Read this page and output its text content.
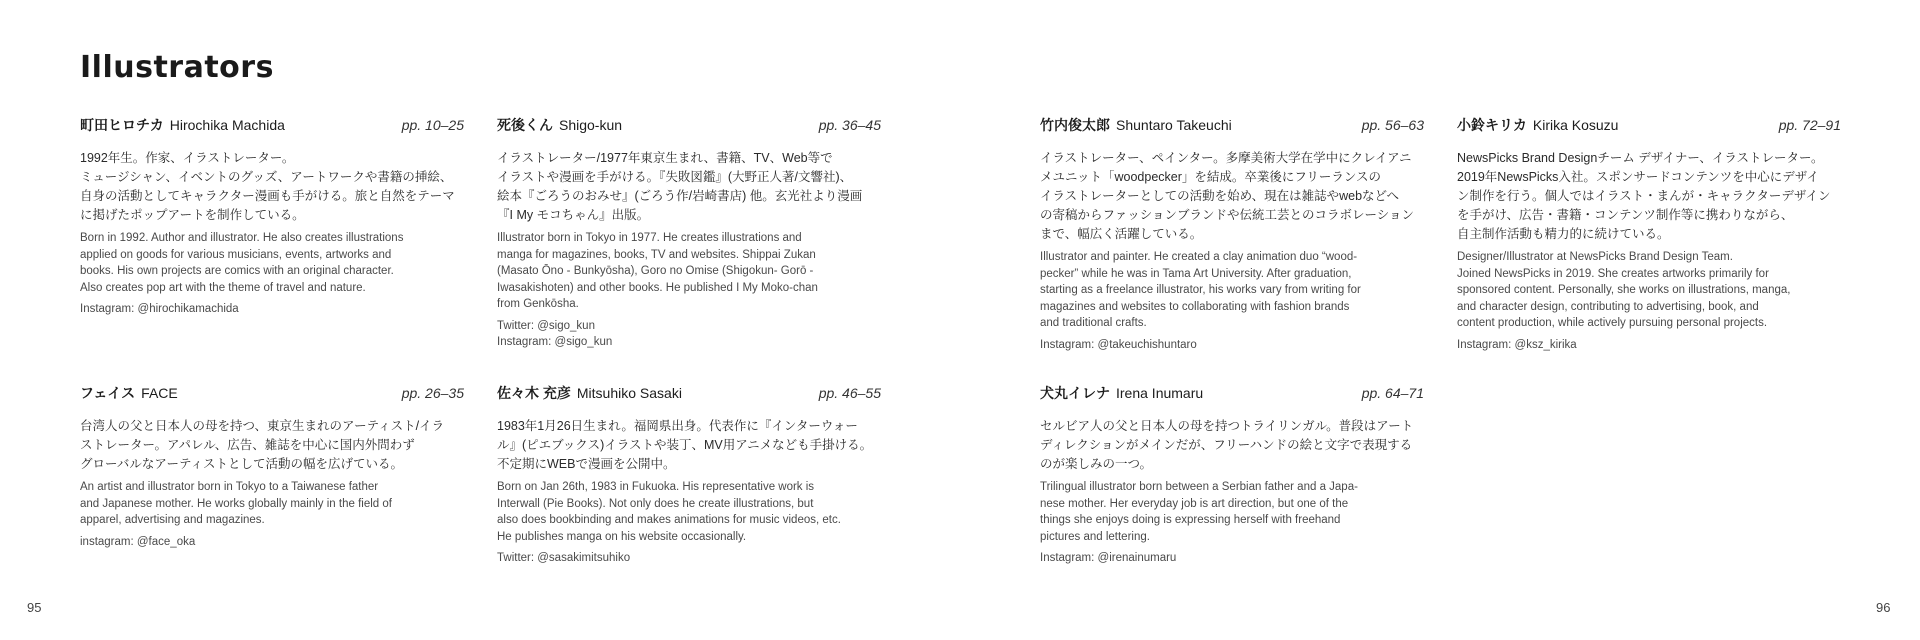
Illustrators
町田ヒロチカ Hirochika Machida	pp. 10–25
1992年生。作家、イラストレーター。
ミュージシャン、イベントのグッズ、アートワークや書籍の挿絵、
自身の活動としてキャラクター漫画も手がける。旅と自然をテーマ
に掲げたポップアートを制作している。
Born in 1992. Author and illustrator. He also creates illustrations
applied on goods for various musicians, events, artworks and
books. His own projects are comics with an original character.
Also creates pop art with the theme of travel and nature.
Instagram: @hirochikamachida
死後くん Shigo-kun	pp. 36–45
イラストレーター/1977年東京生まれ、書籍、TV、Web等で
イラストや漫画を手がける。『失敗図鑑』(大野正人著/文響社)、
絵本『ごろうのおみせ』(ごろう作/岩崎書店) 他。玄光社より漫画
『I My モコちゃん』出版。
Illustrator born in Tokyo in 1977. He creates illustrations and
manga for magazines, books, TV and websites. Shippai Zukan
(Masato Ōno - Bunkyōsha), Goro no Omise (Shigokun- Gorō -
Iwasakishoten) and other books. He published I My Moko-chan
from Genkōsha.
Twitter: @sigo_kun
Instagram: @sigo_kun
竹内俊太郎 Shuntaro Takeuchi	pp. 56–63
イラストレーター、ペインター。多摩美術大学在学中にクレイアニ
メユニット「woodpecker」を結成。卒業後にフリーランスの
イラストレーターとしての活動を始め、現在は雑誌やwebなどへ
の寄稿からファッションブランドや伝統工芸とのコラボレーション
まで、幅広く活躍している。
Illustrator and painter. He created a clay animation duo “wood-
pecker” while he was in Tama Art University. After graduation,
starting as a freelance illustrator, his works vary from writing for
magazines and websites to collaborating with fashion brands
and traditional crafts.
Instagram: @takeuchishuntaro
小鈴キリカ Kirika Kosuzu	pp. 72–91
NewsPicks Brand Designチーム デザイナー、イラストレーター。
2019年NewsPicks入社。スポンサードコンテンツを中心にデザイ
ン制作を行う。個人ではイラスト・まんが・キャラクターデザイン
を手がけ、広告・書籍・コンテンツ制作等に携わりながら、
自主制作活動も精力的に続けている。
Designer/Illustrator at NewsPicks Brand Design Team.
Joined NewsPicks in 2019. She creates artworks primarily for
sponsored content. Personally, she works on illustrations, manga,
and character design, contributing to advertising, book, and
content production, while actively pursuing personal projects.
Instagram: @ksz_kirika
フェイス FACE	pp. 26–35
台湾人の父と日本人の母を持つ、東京生まれのアーティスト/イラ
ストレーター。アパレル、広告、雑誌を中心に国内外問わず
グローバルなアーティストとして活動の幅を広げている。
An artist and illustrator born in Tokyo to a Taiwanese father
and Japanese mother. He works globally mainly in the field of
apparel, advertising and magazines.
instagram: @face_oka
佐々木 充彦 Mitsuhiko Sasaki	pp. 46–55
1983年1月26日生まれ。福岡県出身。代表作に『インターウォー
ル』(ピエブックス)イラストや装丁、MV用アニメなども手掛ける。
不定期にWEBで漫画を公開中。
Born on Jan 26th, 1983 in Fukuoka. His representative work is
Interwall (Pie Books). Not only does he create illustrations, but
also does bookbinding and makes animations for music videos, etc.
He publishes manga on his website occasionally.
Twitter: @sasakimitsuhiko
犬丸イレナ Irena Inumaru	pp. 64–71
セルビア人の父と日本人の母を持つトライリンガル。普段はアート
ディレクションがメインだが、フリーハンドの絵と文字で表現する
のが楽しみの一つ。
Trilingual illustrator born between a Serbian father and a Japa-
nese mother. Her everyday job is art direction, but one of the
things she enjoys doing is expressing herself with freehand
pictures and lettering.
Instagram: @irenainumaru
95	96
